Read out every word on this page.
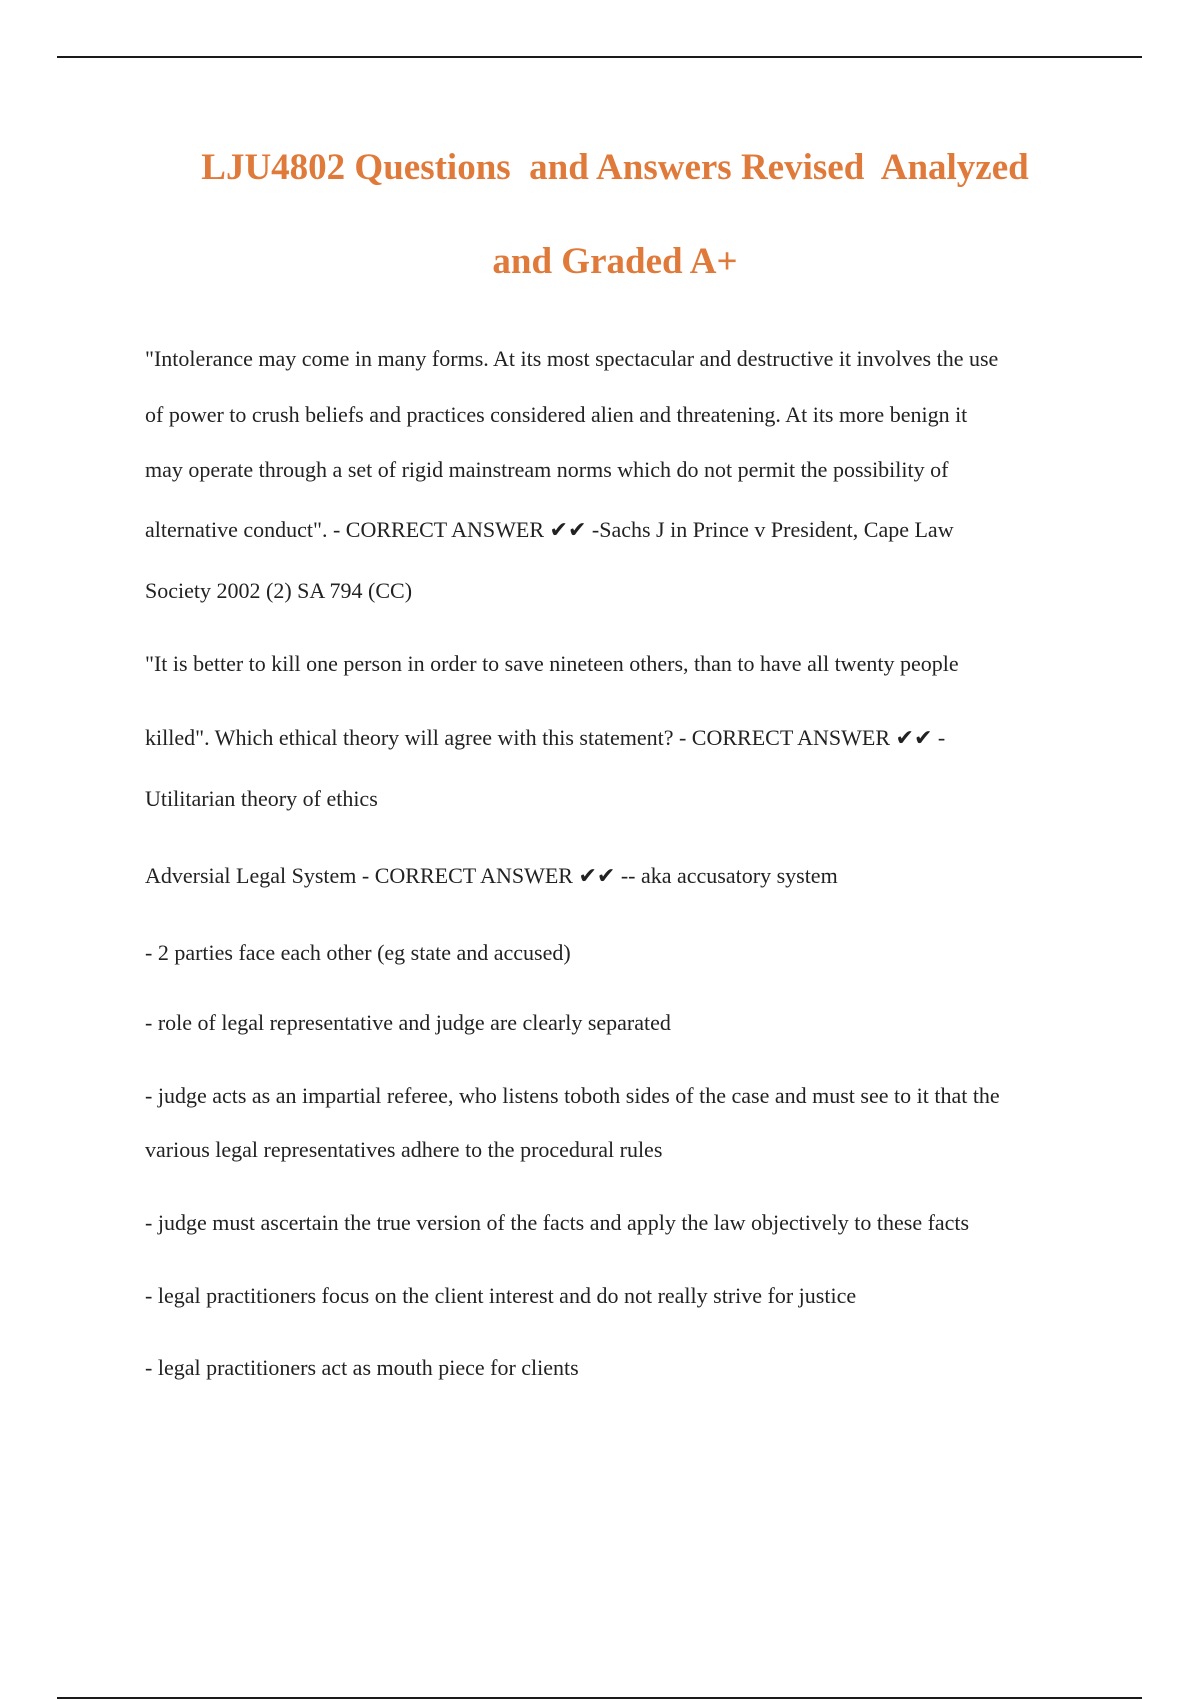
LJU4802 Questions  and Answers Revised  Analyzed
and Graded A+
"Intolerance may come in many forms. At its most spectacular and destructive it involves the use
of power to crush beliefs and practices considered alien and threatening. At its more benign it
may operate through a set of rigid mainstream norms which do not permit the possibility of
alternative conduct". - CORRECT ANSWER ✔✔ -Sachs J in Prince v President, Cape Law
Society 2002 (2) SA 794 (CC)
"It is better to kill one person in order to save nineteen others, than to have all twenty people
killed". Which ethical theory will agree with this statement? - CORRECT ANSWER ✔✔ -
Utilitarian theory of ethics
Adversial Legal System - CORRECT ANSWER ✔✔ -- aka accusatory system
- 2 parties face each other (eg state and accused)
- role of legal representative and judge are clearly separated
- judge acts as an impartial referee, who listens toboth sides of the case and must see to it that the
various legal representatives adhere to the procedural rules
- judge must ascertain the true version of the facts and apply the law objectively to these facts
- legal practitioners focus on the client interest and do not really strive for justice
- legal practitioners act as mouth piece for clients
